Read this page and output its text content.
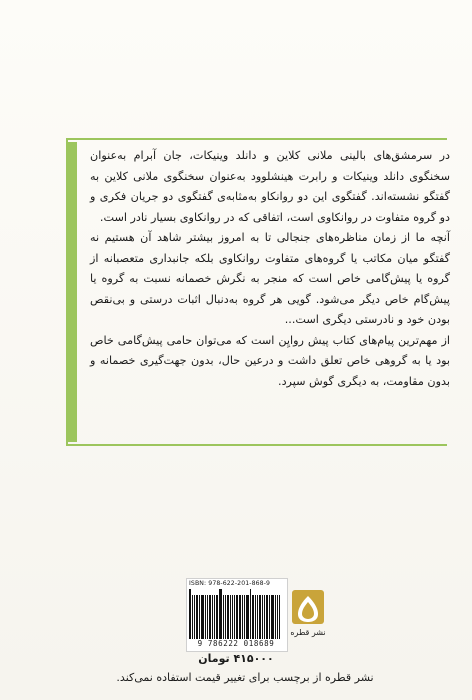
در سرمشق‌های بالینی ملانی کلاین و دانلد وینیکات، جان آبرام به‌عنوان سخنگوی دانلد وینیکات و رابرت هینشلوود به‌عنوان سخنگوی ملانی کلاین به گفتگو نشسته‌اند. گفتگوی این دو روانکاو به‌مثابه‌ی گفتگوی دو جریان فکری و دو گروه متفاوت در روانکاوی است، اتفاقی که در روانکاوی بسیار نادر است.

آنچه ما از زمان مناظره‌های جنجالی تا به امروز بیشتر شاهد آن هستیم نه گفتگو میان مکاتب یا گروه‌های متفاوت روانکاوی بلکه جانبداری متعصبانه از گروه یا پیش‌گامی خاص است که منجر به نگرش خصمانه نسبت به گروه یا پیش‌گام خاص دیگر می‌شود. گویی هر گروه به‌دنبال اثبات درستی و بی‌نقص بودن خود و نادرستی دیگری است...

از مهم‌ترین پیام‌های کتاب پیش روایِن است که می‌توان حامی پیش‌گامی خاص بود یا به گروهی خاص تعلق داشت و درعین حال، بدون جهت‌گیری خصمانه و بدون مقاومت، به دیگری گوش سپرد.

ISBN: 978-622-201-868-9
9 786222 018689
نشر قطره
۴۱۵۰۰۰ تومان
نشر قطره از برچسب برای تغییر قیمت استفاده نمی‌کند.
